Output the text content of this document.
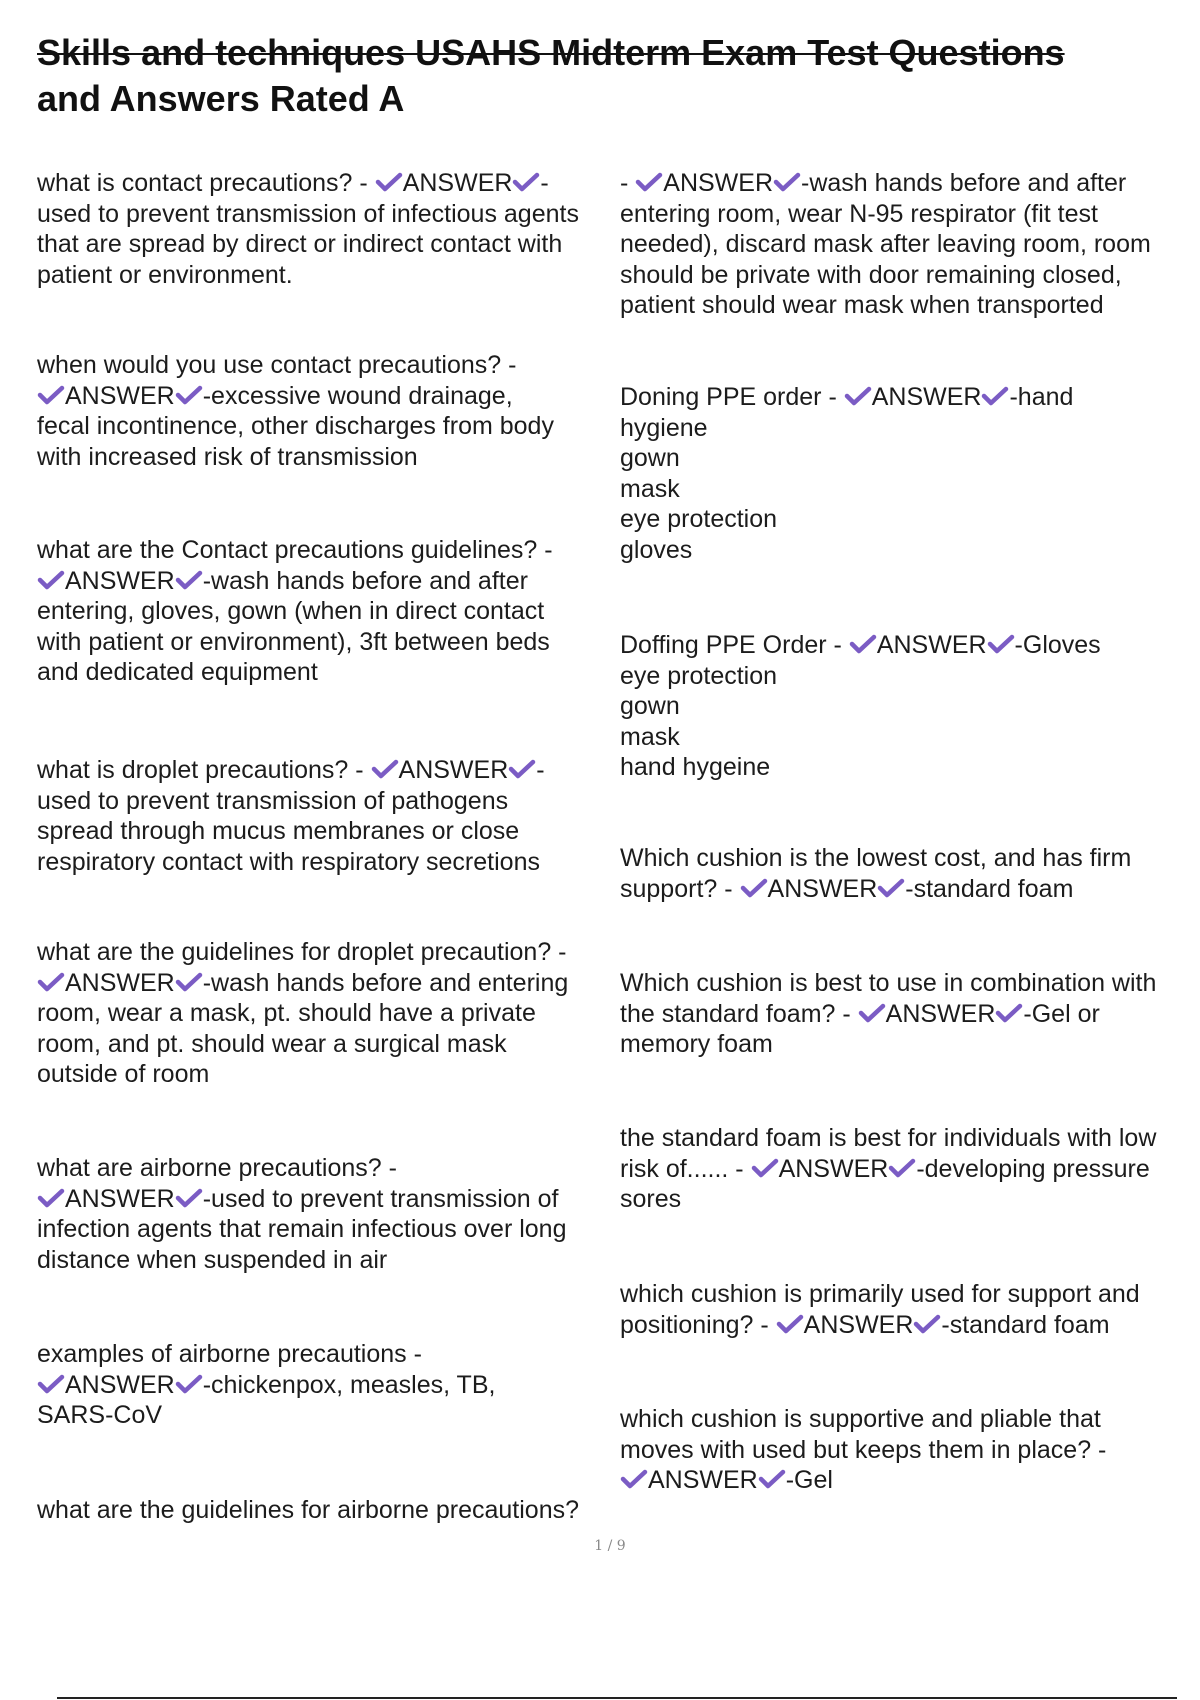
Skills and techniques USAHS Midterm Exam Test Questions
and Answers Rated A
what is contact precautions? - ANSWER -
used to prevent transmission of infectious agents
that are spread by direct or indirect contact with
patient or environment.
when would you use contact precautions? -
ANSWER -excessive wound drainage,
fecal incontinence, other discharges from body
with increased risk of transmission
what are the Contact precautions guidelines? -
ANSWER -wash hands before and after
entering, gloves, gown (when in direct contact
with patient or environment), 3ft between beds
and dedicated equipment
what is droplet precautions? - ANSWER -
used to prevent transmission of pathogens
spread through mucus membranes or close
respiratory contact with respiratory secretions
what are the guidelines for droplet precaution? -
ANSWER -wash hands before and entering
room, wear a mask, pt. should have a private
room, and pt. should wear a surgical mask
outside of room
what are airborne precautions? -
ANSWER -used to prevent transmission of
infection agents that remain infectious over long
distance when suspended in air
examples of airborne precautions -
ANSWER -chickenpox, measles, TB,
SARS-CoV
what are the guidelines for airborne precautions?
- ANSWER -wash hands before and after
entering room, wear N-95 respirator (fit test
needed), discard mask after leaving room, room
should be private with door remaining closed,
patient should wear mask when transported
Doning PPE order - ANSWER -hand
hygiene
gown
mask
eye protection
gloves
Doffing PPE Order - ANSWER -Gloves
eye protection
gown
mask
hand hygeine
Which cushion is the lowest cost, and has firm
support? - ANSWER -standard foam
Which cushion is best to use in combination with
the standard foam? - ANSWER -Gel or
memory foam
the standard foam is best for individuals with low
risk of...... - ANSWER -developing pressure
sores
which cushion is primarily used for support and
positioning? - ANSWER -standard foam
which cushion is supportive and pliable that
moves with used but keeps them in place? -
ANSWER -Gel
1 / 9
